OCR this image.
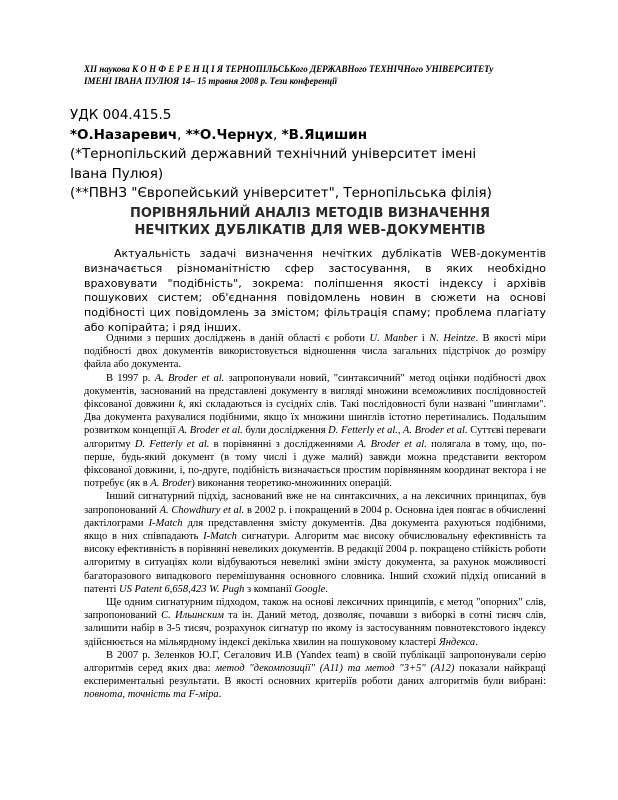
XII наукова К О Н Ф Е Р Е Н Ц І Я ТЕРНОПІЛЬСЬКого ДЕРЖАВНого ТЕХНІЧНого УНІВЕРСИТЕТу
ІМЕНІ ІВАНА ПУЛЮЯ 14– 15 травня 2008 р. Тези конференції
УДК 004.415.5
*О.Назаревич, **О.Чернух, *В.Яцишин
(*Тернопільский державний технічний університет імені
Івана Пулюя)
(**ПВНЗ "Європейський університет", Тернопільська філія)
ПОРІВНЯЛЬНИЙ АНАЛІЗ МЕТОДІВ ВИЗНАЧЕННЯ
НЕЧІТКИХ ДУБЛІКАТІВ ДЛЯ WEB-ДОКУМЕНТІВ
Актуальність задачі визначення нечітких дублікатів WEB-документів визначається різноманітністю сфер застосування, в яких необхідно враховувати "подібність", зокрема: поліпшення якості індексу і архівів пошукових систем; об'єднання повідомлень новин в сюжети на основі подібності цих повідомлень за змістом; фільтрація спаму; проблема плагіату або копірайта; і ряд інших.

Одними з перших досліджень в даній області є роботи U. Manber і N. Heintze. В якості міри подібності двох документів використовується відношення числа загальних підстрічок до розміру файла або документа.

В 1997 р. A. Broder et al. запропонували новий, "синтаксичний" метод оцінки подібності двох документів, заснований на представлені документу в вигляді множини всеможливих послідовностей фіксованої довжини k, які складаються із сусідніх слів. Такі послідовності були названі "шинглами". Два документа рахувалися подібними, якщо їх множини шинглів істотно перетинались. Подальшим розвитком концепції A. Broder et al. були дослідження D. Fetterly et al., A. Broder et al. Суттєві переваги алгоритму D. Fetterly et al. в порівнянні з дослідженнями A. Broder et al. полягала в тому, що, по-перше, будь-який документ (в тому числі і дуже малий) завжди можна представити вектором фіксованої довжини, і, по-друге, подібність визначається простим порівнянням координат вектора і не потребує (як в A. Broder) виконання теоретико-множинних операцій.

Інший сигнатурний підхід, заснований вже не на синтаксичних, а на лексичних принципах, був запропонований A. Chowdhury et al. в 2002 р. і покращений в 2004 р. Основна ідея поягає в обчисленні дактілограми I-Match для представлення змісту документів. Два документа рахуються подібними, якщо в них співпадають I-Match сигнатури. Алгоритм має високу обчислювальну ефективність та високу ефективність в порівняні невеликих документів. В редакції 2004 р. покращено стійкість роботи алгоритму в ситуаціях коли відбуваються невеликі зміни змісту документа, за рахунок можливості багаторазового випадкового перемішування основного словника. Інший схожий підхід описаний в патенті US Patent 6,658,423 W. Pugh з компанії Google.

Ще одним сигнатурним підходом, також на основі лексичних принципів, є метод "опорних" слів, запропонований С. Ильинским та ін. Даний метод, дозволяє, почавши з виборкі в сотні тисяч слів, залишити набір в 3-5 тисяч, розрахунок сигнатур по якому із застосуванням повнотекстового індексу здійснюється на мільярдному індексі декілька хвилин на пошуковому кластері Яндекса.

В 2007 р. Зеленков Ю.Г, Сегалович И.В (Yandex team) в своїй публікації запропонували серію алгоритмів серед яких два: метод "декомпозиції" (А11) та метод "3+5" (А12) показали найкращі експериментальні результати. В якості основних критеріїв роботи даних алгоритмів були вибрані: повнота, точність та F-міра.
